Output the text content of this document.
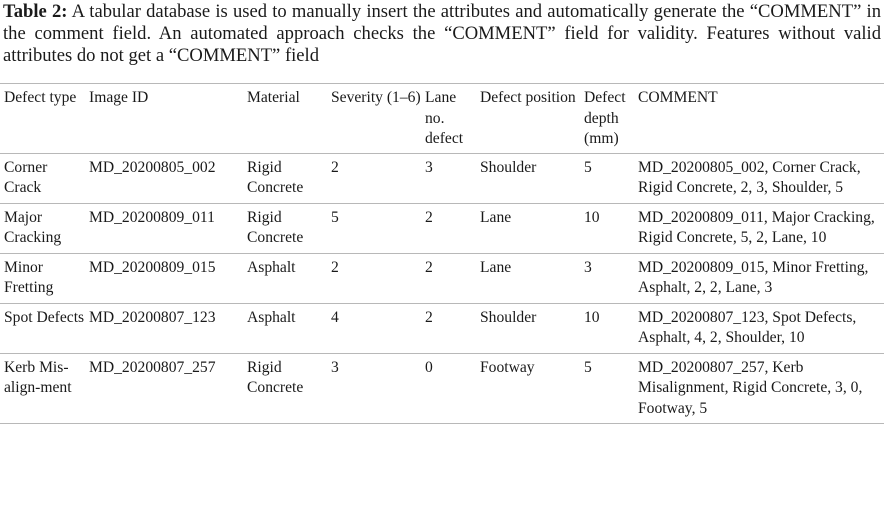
Table 2: A tabular database is used to manually insert the attributes and automatically generate the “COMMENT” in the comment field. An automated approach checks the “COMMENT” field for validity. Features without valid attributes do not get a “COMMENT” field
Defect type	Image ID	Material	Severity (1–6)	Lane no. defect	Defect position	Defect depth (mm)	COMMENT
Corner Crack	MD_20200805_002	Rigid Concrete	2	3	Shoulder	5	MD_20200805_002, Corner Crack, Rigid Concrete, 2, 3, Shoulder, 5
Major Cracking	MD_20200809_011	Rigid Concrete	5	2	Lane	10	MD_20200809_011, Major Cracking, Rigid Concrete, 5, 2, Lane, 10
Minor Fretting	MD_20200809_015	Asphalt	2	2	Lane	3	MD_20200809_015, Minor Fretting, Asphalt, 2, 2, Lane, 3
Spot Defects	MD_20200807_123	Asphalt	4	2	Shoulder	10	MD_20200807_123, Spot Defects, Asphalt, 4, 2, Shoulder, 10
Kerb Mis-align-ment	MD_20200807_257	Rigid Concrete	3	0	Footway	5	MD_20200807_257, Kerb Misalignment, Rigid Concrete, 3, 0, Footway, 5
